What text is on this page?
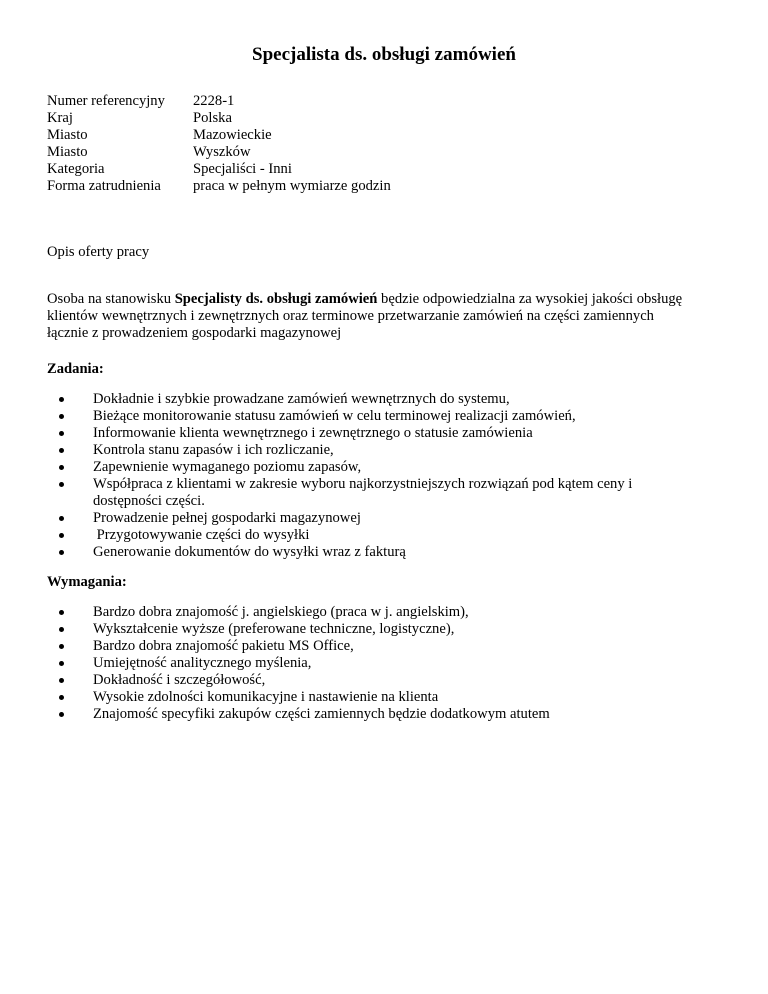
Specjalista ds. obsługi zamówień
Numer referencyjny	2228-1
Kraj	Polska
Miasto	Mazowieckie
Miasto	Wyszków
Kategoria	Specjaliści - Inni
Forma zatrudnienia	praca w pełnym wymiarze godzin

Opis oferty pracy

Osoba na stanowisku Specjalisty ds. obsługi zamówień będzie odpowiedzialna za wysokiej jakości obsługę klientów wewnętrznych i zewnętrznych oraz terminowe przetwarzanie zamówień na części zamiennych łącznie z prowadzeniem gospodarki magazynowej

Zadania:

Dokładnie i szybkie prowadzane zamówień wewnętrznych do systemu,
Bieżące monitorowanie statusu zamówień w celu terminowej realizacji zamówień,
Informowanie klienta wewnętrznego i zewnętrznego o statusie zamówienia
Kontrola stanu zapasów i ich rozliczanie,
Zapewnienie wymaganego poziomu zapasów,
Współpraca z klientami w zakresie wyboru najkorzystniejszych rozwiązań pod kątem ceny i dostępności części.
Prowadzenie pełnej gospodarki magazynowej
Przygotowywanie części do wysyłki
Generowanie dokumentów do wysyłki wraz z fakturą

Wymagania:

Bardzo dobra znajomość j. angielskiego (praca w j. angielskim),
Wykształcenie wyższe (preferowane techniczne, logistyczne),
Bardzo dobra znajomość pakietu MS Office,
Umiejętność analitycznego myślenia,
Dokładność i szczegółowość,
Wysokie zdolności komunikacyjne i nastawienie na klienta
Znajomość specyfiki zakupów części zamiennych będzie dodatkowym atutem
